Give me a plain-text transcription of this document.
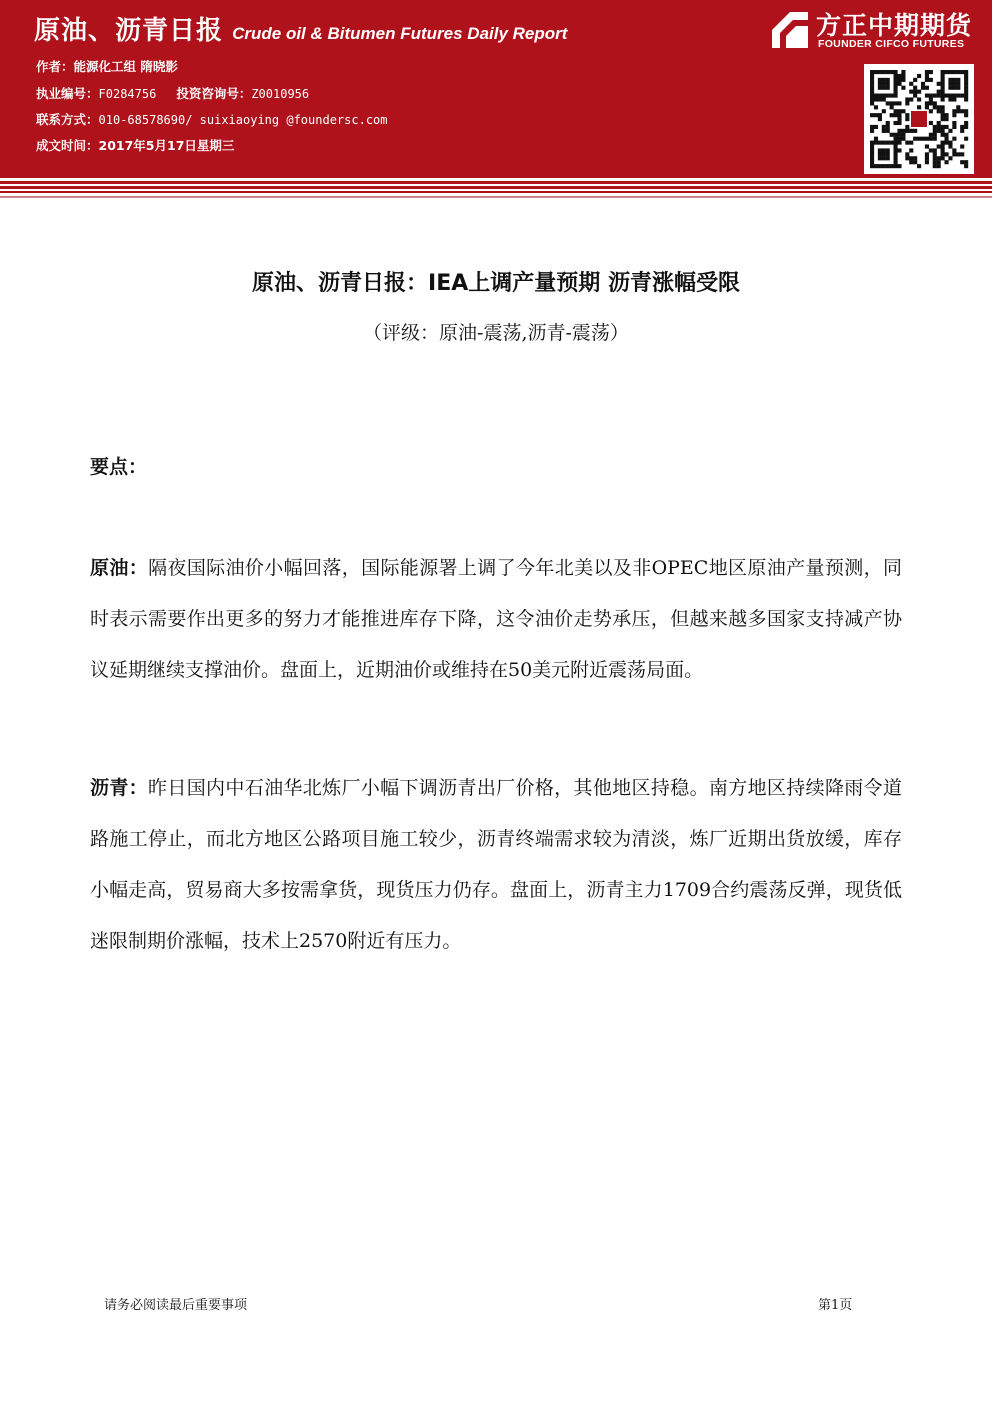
原油、沥青日报 Crude oil & Bitumen Futures Daily Report
作者：能源化工组 隋晓影
执业编号：F0284756 投资咨询号：Z0010956
联系方式：010-68578690/ suixiaoying @foundersc.com
成文时间：2017年5月17日星期三
方正中期期货
FOUNDER CIFCO FUTURES
原油、沥青日报：IEA上调产量预期 沥青涨幅受限
（评级：原油-震荡,沥青-震荡）
要点：
原油：隔夜国际油价小幅回落，国际能源署上调了今年北美以及非OPEC地区原油产量预测，同时表示需要作出更多的努力才能推进库存下降，这令油价走势承压，但越来越多国家支持减产协议延期继续支撑油价。盘面上，近期油价或维持在50美元附近震荡局面。
沥青：昨日国内中石油华北炼厂小幅下调沥青出厂价格，其他地区持稳。南方地区持续降雨令道路施工停止，而北方地区公路项目施工较少，沥青终端需求较为清淡，炼厂近期出货放缓，库存小幅走高，贸易商大多按需拿货，现货压力仍存。盘面上，沥青主力1709合约震荡反弹，现货低迷限制期价涨幅，技术上2570附近有压力。
请务必阅读最后重要事项	第1页
